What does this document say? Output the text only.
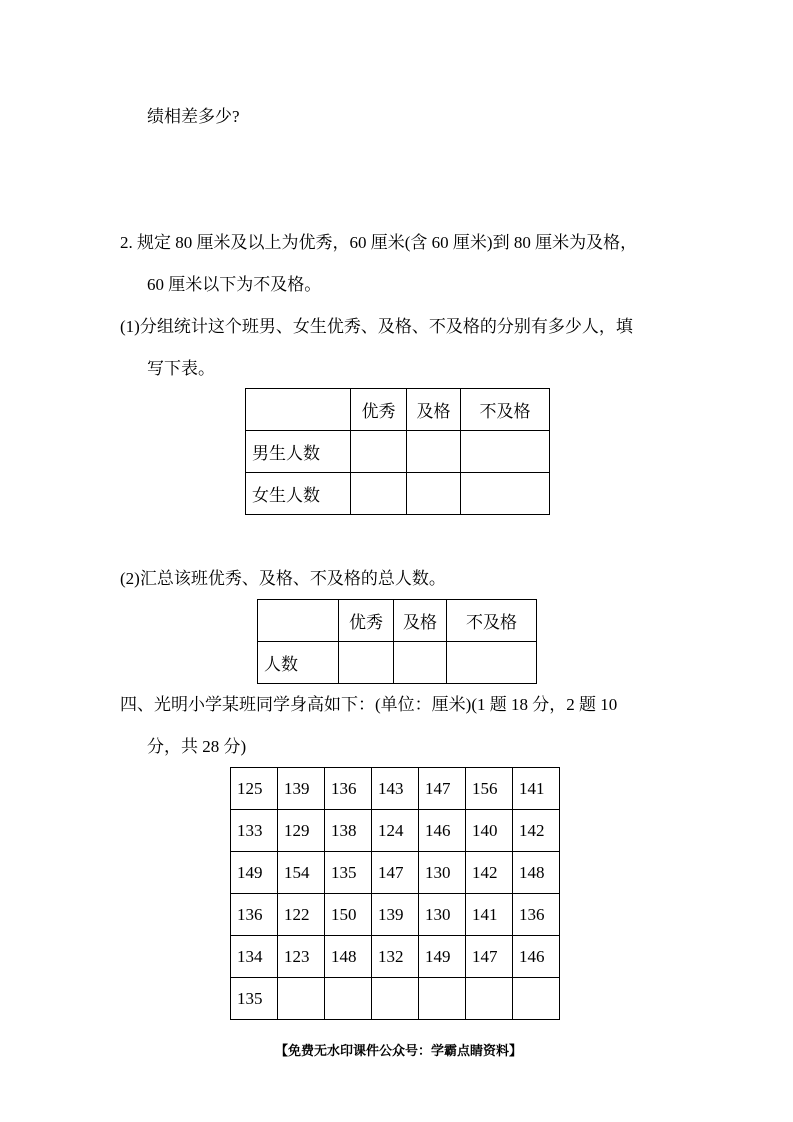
绩相差多少?
2. 规定 80 厘米及以上为优秀，60 厘米(含 60 厘米)到 80 厘米为及格，
60 厘米以下为不及格。
(1)分组统计这个班男、女生优秀、及格、不及格的分别有多少人，填
写下表。
	优秀	及格	不及格
男生人数			
女生人数			
(2)汇总该班优秀、及格、不及格的总人数。
	优秀	及格	不及格
人数			
四、光明小学某班同学身高如下：(单位：厘米)(1 题 18 分，2 题 10
分，共 28 分)
125	139	136	143	147	156	141
133	129	138	124	146	140	142
149	154	135	147	130	142	148
136	122	150	139	130	141	136
134	123	148	132	149	147	146
135						
【免费无水印课件公众号：学霸点睛资料】
